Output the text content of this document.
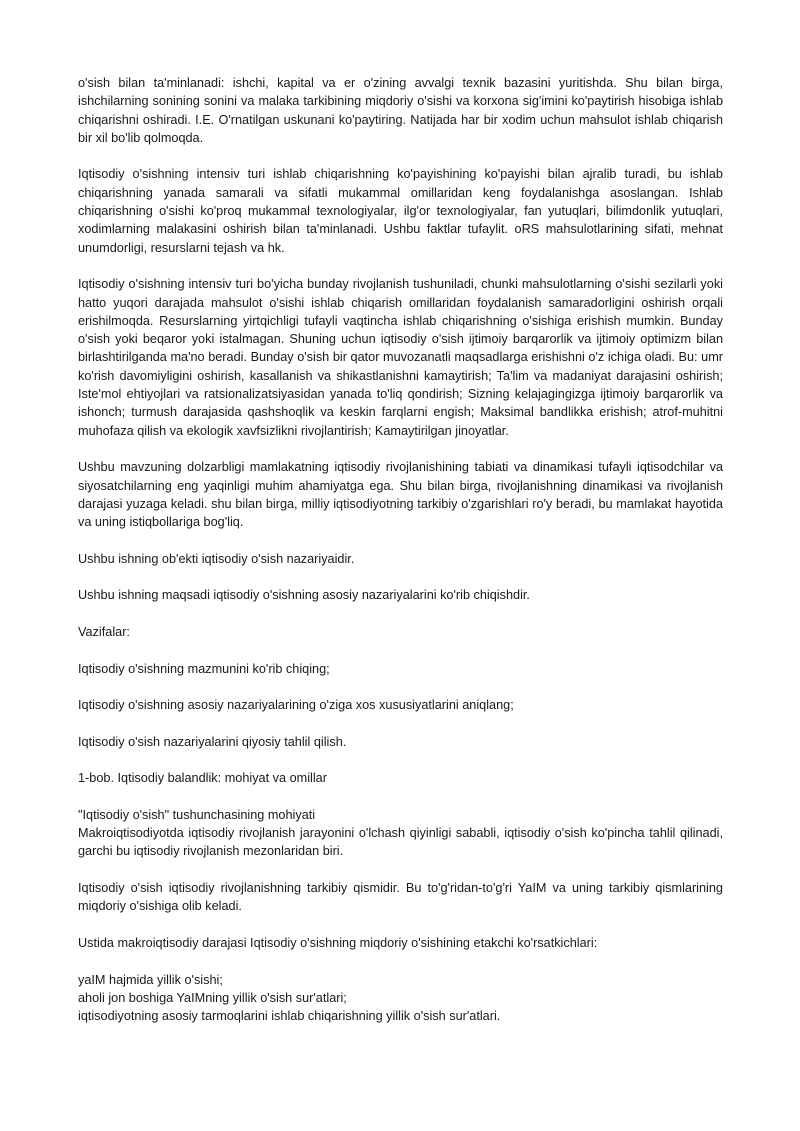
o'sish bilan ta'minlanadi: ishchi, kapital va er o'zining avvalgi texnik bazasini yuritishda. Shu bilan birga, ishchilarning sonining sonini va malaka tarkibining miqdoriy o'sishi va korxona sig'imini ko'paytirish hisobiga ishlab chiqarishni oshiradi. I.E. O'rnatilgan uskunani ko'paytiring. Natijada har bir xodim uchun mahsulot ishlab chiqarish bir xil bo'lib qolmoqda.

Iqtisodiy o'sishning intensiv turi ishlab chiqarishning ko'payishining ko'payishi bilan ajralib turadi, bu ishlab chiqarishning yanada samarali va sifatli mukammal omillaridan keng foydalanishga asoslangan. Ishlab chiqarishning o'sishi ko'proq mukammal texnologiyalar, ilg'or texnologiyalar, fan yutuqlari, bilimdonlik yutuqlari, xodimlarning malakasini oshirish bilan ta'minlanadi. Ushbu faktlar tufaylit. oRS mahsulotlarining sifati, mehnat unumdorligi, resurslarni tejash va hk.

Iqtisodiy o'sishning intensiv turi bo'yicha bunday rivojlanish tushuniladi, chunki mahsulotlarning o'sishi sezilarli yoki hatto yuqori darajada mahsulot o'sishi ishlab chiqarish omillaridan foydalanish samaradorligini oshirish orqali erishilmoqda. Resurslarning yirtqichligi tufayli vaqtincha ishlab chiqarishning o'sishiga erishish mumkin. Bunday o'sish yoki beqaror yoki istalmagan. Shuning uchun iqtisodiy o'sish ijtimoiy barqarorlik va ijtimoiy optimizm bilan birlashtirilganda ma'no beradi. Bunday o'sish bir qator muvozanatli maqsadlarga erishishni o'z ichiga oladi. Bu: umr ko'rish davomiyligini oshirish, kasallanish va shikastlanishni kamaytirish; Ta'lim va madaniyat darajasini oshirish; Iste'mol ehtiyojlari va ratsionalizatsiyasidan yanada to'liq qondirish; Sizning kelajagingizga ijtimoiy barqarorlik va ishonch; turmush darajasida qashshoqlik va keskin farqlarni engish; Maksimal bandlikka erishish; atrof-muhitni muhofaza qilish va ekologik xavfsizlikni rivojlantirish; Kamaytirilgan jinoyatlar.

Ushbu mavzuning dolzarbligi mamlakatning iqtisodiy rivojlanishining tabiati va dinamikasi tufayli iqtisodchilar va siyosatchilarning eng yaqinligi muhim ahamiyatga ega. Shu bilan birga, rivojlanishning dinamikasi va rivojlanish darajasi yuzaga keladi. shu bilan birga, milliy iqtisodiyotning tarkibiy o'zgarishlari ro'y beradi, bu mamlakat hayotida va uning istiqbollariga bog'liq.

Ushbu ishning ob'ekti iqtisodiy o'sish nazariyaidir.

Ushbu ishning maqsadi iqtisodiy o'sishning asosiy nazariyalarini ko'rib chiqishdir.

Vazifalar:

Iqtisodiy o'sishning mazmunini ko'rib chiqing;

Iqtisodiy o'sishning asosiy nazariyalarining o'ziga xos xususiyatlarini aniqlang;

Iqtisodiy o'sish nazariyalarini qiyosiy tahlil qilish.

1-bob. Iqtisodiy balandlik: mohiyat va omillar

"Iqtisodiy o'sish" tushunchasining mohiyati
Makroiqtisodiyotda iqtisodiy rivojlanish jarayonini o'lchash qiyinligi sababli, iqtisodiy o'sish ko'pincha tahlil qilinadi, garchi bu iqtisodiy rivojlanish mezonlaridan biri.

Iqtisodiy o'sish iqtisodiy rivojlanishning tarkibiy qismidir. Bu to'g'ridan-to'g'ri YaIM va uning tarkibiy qismlarining miqdoriy o'sishiga olib keladi.

Ustida makroiqtisodiy darajasi Iqtisodiy o'sishning miqdoriy o'sishining etakchi ko'rsatkichlari:

yaIM hajmida yillik o'sishi;

aholi jon boshiga YaIMning yillik o'sish sur'atlari;

iqtisodiyotning asosiy tarmoqlarini ishlab chiqarishning yillik o'sish sur'atlari.
